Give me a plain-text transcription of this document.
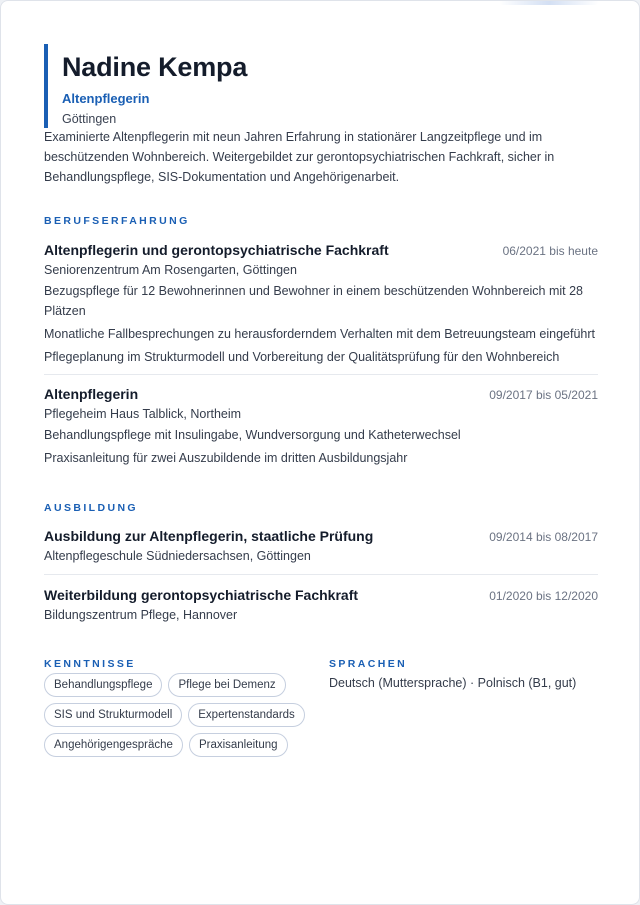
Nadine Kempa
Altenpflegerin
Göttingen
Examinierte Altenpflegerin mit neun Jahren Erfahrung in stationärer Langzeitpflege und im beschützenden Wohnbereich. Weitergebildet zur gerontopsychiatrischen Fachkraft, sicher in Behandlungspflege, SIS-Dokumentation und Angehörigenarbeit.
BERUFSERFAHRUNG
Altenpflegerin und gerontopsychiatrische Fachkraft	06/2021 bis heute
Seniorenzentrum Am Rosengarten, Göttingen
Bezugspflege für 12 Bewohnerinnen und Bewohner in einem beschützenden Wohnbereich mit 28 Plätzen
Monatliche Fallbesprechungen zu herausforderndem Verhalten mit dem Betreuungsteam eingeführt
Pflegeplanung im Strukturmodell und Vorbereitung der Qualitätsprüfung für den Wohnbereich
Altenpflegerin	09/2017 bis 05/2021
Pflegeheim Haus Talblick, Northeim
Behandlungspflege mit Insulingabe, Wundversorgung und Katheterwechsel
Praxisanleitung für zwei Auszubildende im dritten Ausbildungsjahr
AUSBILDUNG
Ausbildung zur Altenpflegerin, staatliche Prüfung	09/2014 bis 08/2017
Altenpflegeschule Südniedersachsen, Göttingen
Weiterbildung gerontopsychiatrische Fachkraft	01/2020 bis 12/2020
Bildungszentrum Pflege, Hannover
KENNTNISSE
Behandlungspflege	Pflege bei Demenz
SIS und Strukturmodell	Expertenstandards
Angehörigengespräche	Praxisanleitung
SPRACHEN
Deutsch (Muttersprache) · Polnisch (B1, gut)
